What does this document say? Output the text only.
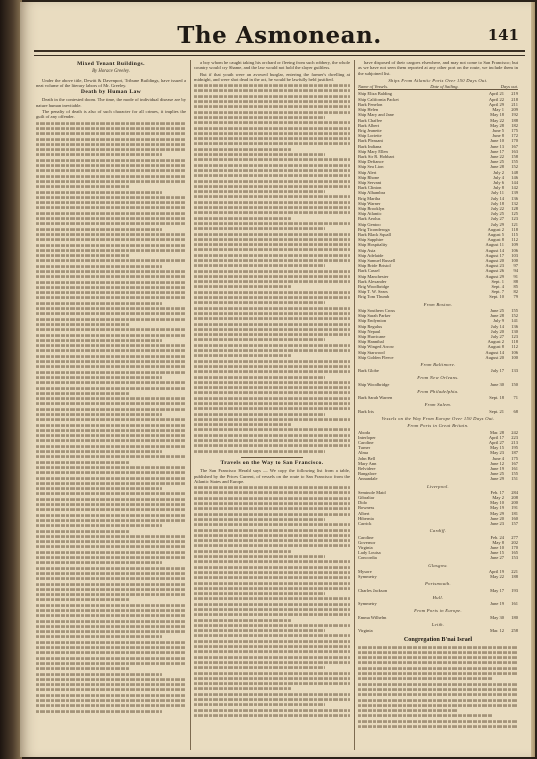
The Asmonean.	141
Mixed Tenant Buildings.
By Horace Greeley.
Under the above title, Dewitt & Davenport, Tribune Buildings, have issued a neat volume of the literary labors of Mr. Greeley.
Death by Human Law
Death in the contested doom. The time, the mode of individual disease are by nature human inevitable.
The penalty of death is also of such character for all crimes, it implies the guilt of any offender.
a boy whom he caught taking his orchard or fleeing from such robbery, the whole country would cry Shame, and the law would not hold the slayer guiltless.
But if that youth were an avowed burglar, entering the farmer's dwelling at midnight, and were shot dead in the act, he would be lawfully held justified.
Travels on the Way to San Francisco.
The San Francisco Herald says — We copy the following list from a table, published by the Prices Current, of vessels on the route to San Francisco from the Atlantic States and Europe.
have disposed of their cargoes elsewhere, and may not come to San Francisco; but as we have not seen them reported at any other port on the route, we include them in the subjoined list.
Ships From Atlantic Ports Over 150 Days Out.
Name of Vessels.	Date of Sailing.	Days out.
Ship Eliza Balding	April 21	219
Ship California Packet	April 22	218
Bark Fenelon	April 29	211
Ship Helen	May 1	209
Ship Mary and Jane	May 18	192
Bark Chaffee	May 22	188
Bark Albert	May 28	182
Brig Jeanette	June 5	175
Ship Loriette	June 8	172
Bark Pleasant	June 10	170
Bark Indiana	June 13	167
Ship Mary Ellen	June 17	163
Bark Sir R. Hobbart	June 22	158
Ship Defiance	June 25	155
Ship Sea Lion	June 28	152
Ship Alert	July 2	148
Ship Rhone	July 4	146
Ship Servant	July 6	144
Bark Clinton	July 8	142
Ship Alhambra	July 11	139
Brig Martha	July 14	136
Ship Warner	July 18	132
Ship Brooklyn	July 22	128
Ship Atlantic	July 25	125
Bark Aeolus	July 27	123
Ship Gentoo	July 29	121
Brig Ticonderoga	August 2	118
Bark Black Squall	August 5	115
Ship Sapphire	August 8	112
Ship Hospitality	August 11	109
Ship Asia	August 14	106
Ship Adelaide	August 17	103
Ship Samuel Russell	August 20	100
Ship Bride Bristol	August 23	97
Bark Cassel	August 26	94
Ship Manchester	August 29	91
Bark Alexander	Sept. 1	88
Brig Woodbridge	Sept. 4	85
Ship T. W. Sears	Sept. 7	82
Brig Tom Thumb	Sept. 10	79
From Boston.
Ship Southern Cross	June 25	155
Ship Sarah Parker	June 28	152
Ship Endymion	July 9	141
Ship Regulus	July 14	136
Ship Nepaul	July 20	130
Ship Hurricane	July 27	123
Ship Hannibal	August 2	118
Ship Winged Arrow	August 8	112
Ship Starwood	August 14	106
Ship Golden Fleece	August 20	100
From Baltimore.
Bark Globe	July 17	133
From New Orleans.
Ship Woodbridge	June 30	150
From Philadelphia.
Bark Sarah Warren	Sept. 18	71
From Salem.
Bark Iris	Sept. 21	68
Vessels on the Way From Europe Over 150 Days Out.
From Ports in Great Britain.
Aboda	Mar. 28	242
Interloper	April 17	223
Caroline	April 27	213
Turner	May 15	195
Alma	May 23	187
John Bell	June 4	175
Mary Ann	June 12	167
Belvidere	June 19	161
Bangalore	June 25	155
Annandale	June 29	151
Liverpool.
Seminole Maid	Feb. 17	284
Gibraltar	May 2	208
Dido	May 10	200
Bowness	May 19	191
Albert	May 29	181
Hibernia	June 20	160
Carrick	June 23	157
Cardiff.
Caroline	Feb. 24	277
Governor	May 8	202
Virginia	June 10	170
Lady Louisa	June 15	165
Concordia	June 27	153
Glasgow.
Mysore	April 19	221
Symmetry	May 22	188
Portsmouth.
Charles Jackson	May 17	193
Hull.
Symmetry	June 19	161
From Ports in Europe.
Emma Wilhelm	May 30	180
Leith.
Virginia	Mar. 12	258
Congregation B'nai Israel
